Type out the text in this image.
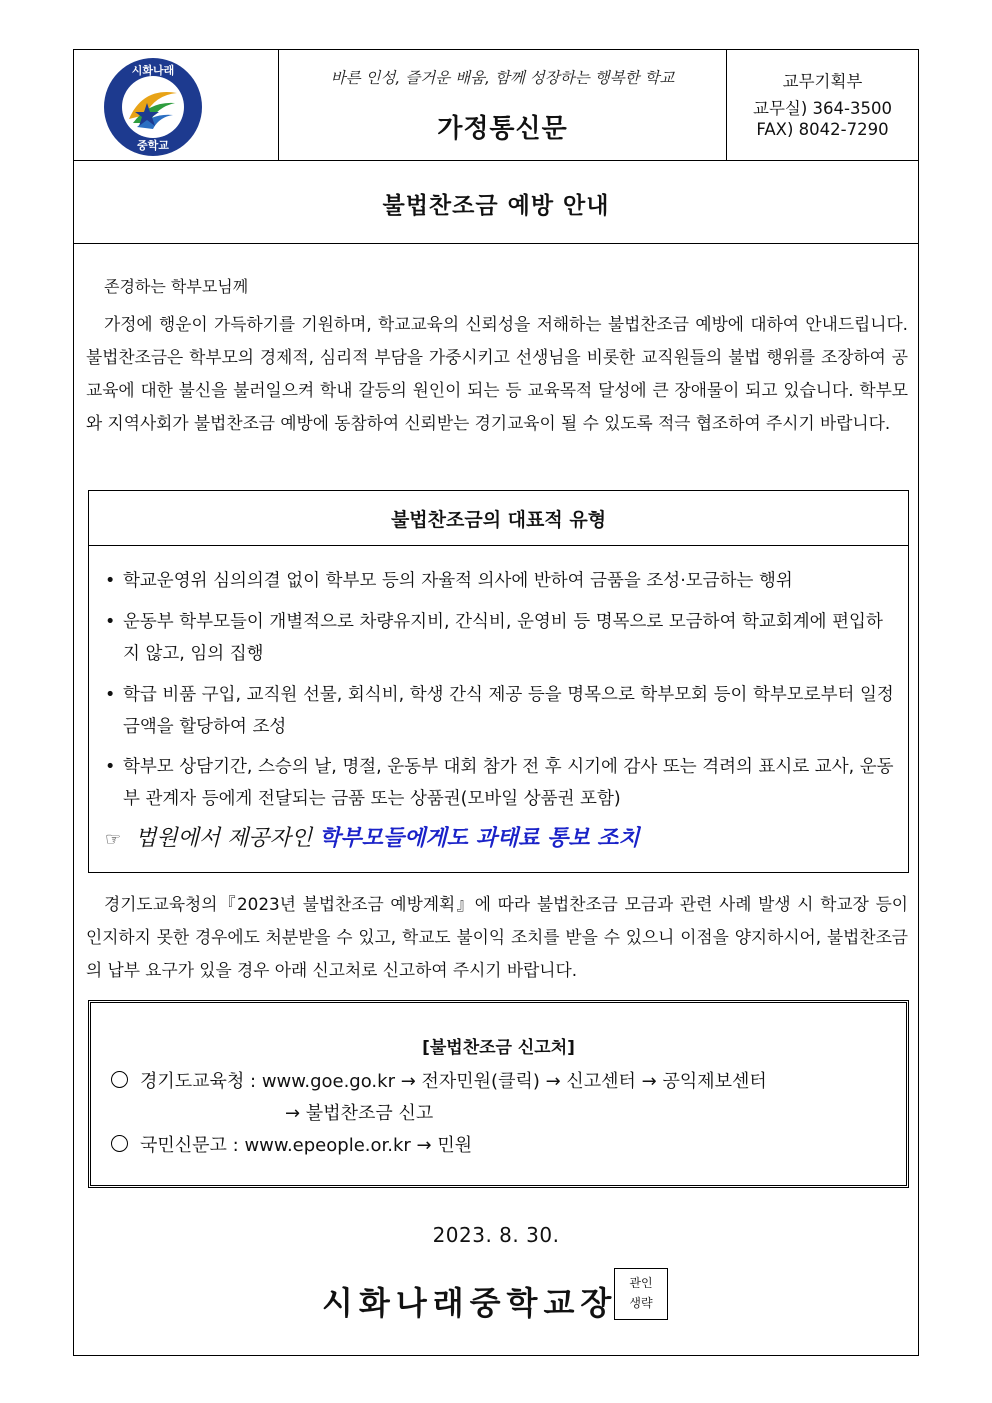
시화나래
중학교
바른 인성, 즐거운 배움, 함께 성장하는 행복한 학교
가정통신문
교무기획부
교무실) 364-3500
FAX) 8042-7290
불법찬조금 예방 안내
존경하는 학부모님께

가정에 행운이 가득하기를 기원하며, 학교교육의 신뢰성을 저해하는 불법찬조금 예방에 대하여 안내드립니다. 불법찬조금은 학부모의 경제적, 심리적 부담을 가중시키고 선생님을 비롯한 교직원들의 불법 행위를 조장하여 공교육에 대한 불신을 불러일으켜 학내 갈등의 원인이 되는 등 교육목적 달성에 큰 장애물이 되고 있습니다. 학부모와 지역사회가 불법찬조금 예방에 동참하여 신뢰받는 경기교육이 될 수 있도록 적극 협조하여 주시기 바랍니다.

불법찬조금의 대표적 유형
• 학교운영위 심의의결 없이 학부모 등의 자율적 의사에 반하여 금품을 조성·모금하는 행위
• 운동부 학부모들이 개별적으로 차량유지비, 간식비, 운영비 등 명목으로 모금하여 학교회계에 편입하지 않고, 임의 집행
• 학급 비품 구입, 교직원 선물, 회식비, 학생 간식 제공 등을 명목으로 학부모회 등이 학부모로부터 일정 금액을 할당하여 조성
• 학부모 상담기간, 스승의 날, 명절, 운동부 대회 참가 전 후 시기에 감사 또는 격려의 표시로 교사, 운동부 관계자 등에게 전달되는 금품 또는 상품권(모바일 상품권 포함)
☞ 법원에서 제공자인 학부모들에게도 과태료 통보 조치

경기도교육청의『2023년 불법찬조금 예방계획』에 따라 불법찬조금 모금과 관련 사례 발생 시 학교장 등이 인지하지 못한 경우에도 처분받을 수 있고, 학교도 불이익 조치를 받을 수 있으니 이점을 양지하시어, 불법찬조금의 납부 요구가 있을 경우 아래 신고처로 신고하여 주시기 바랍니다.

[불법찬조금 신고처]
경기도교육청 : www.goe.go.kr → 전자민원(클릭) → 신고센터 → 공익제보센터
→ 불법찬조금 신고
국민신문고 : www.epeople.or.kr → 민원
2023. 8. 30.
시화나래중학교장
관인
생략
